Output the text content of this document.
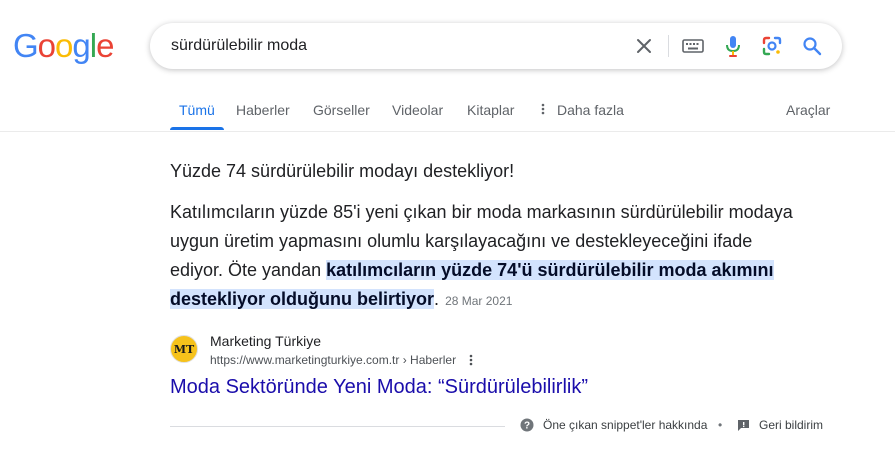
Google
sürdürülebilir moda
Tümü Haberler Görseller Videolar Kitaplar	Daha fazla	Araçlar
Yüzde 74 sürdürülebilir modayı destekliyor!
Katılımcıların yüzde 85'i yeni çıkan bir moda markasının sürdürülebilir modaya uygun üretim yapmasını olumlu karşılayacağını ve destekleyeceğini ifade ediyor. Öte yandan katılımcıların yüzde 74'ü sürdürülebilir moda akımını destekliyor olduğunu belirtiyor. 28 Mar 2021
MT Marketing Türkiye
https://www.marketingturkiye.com.tr › Haberler
Moda Sektöründe Yeni Moda: “Sürdürülebilirlik”
? Öne çıkan snippet'ler hakkında •	Geri bildirim
